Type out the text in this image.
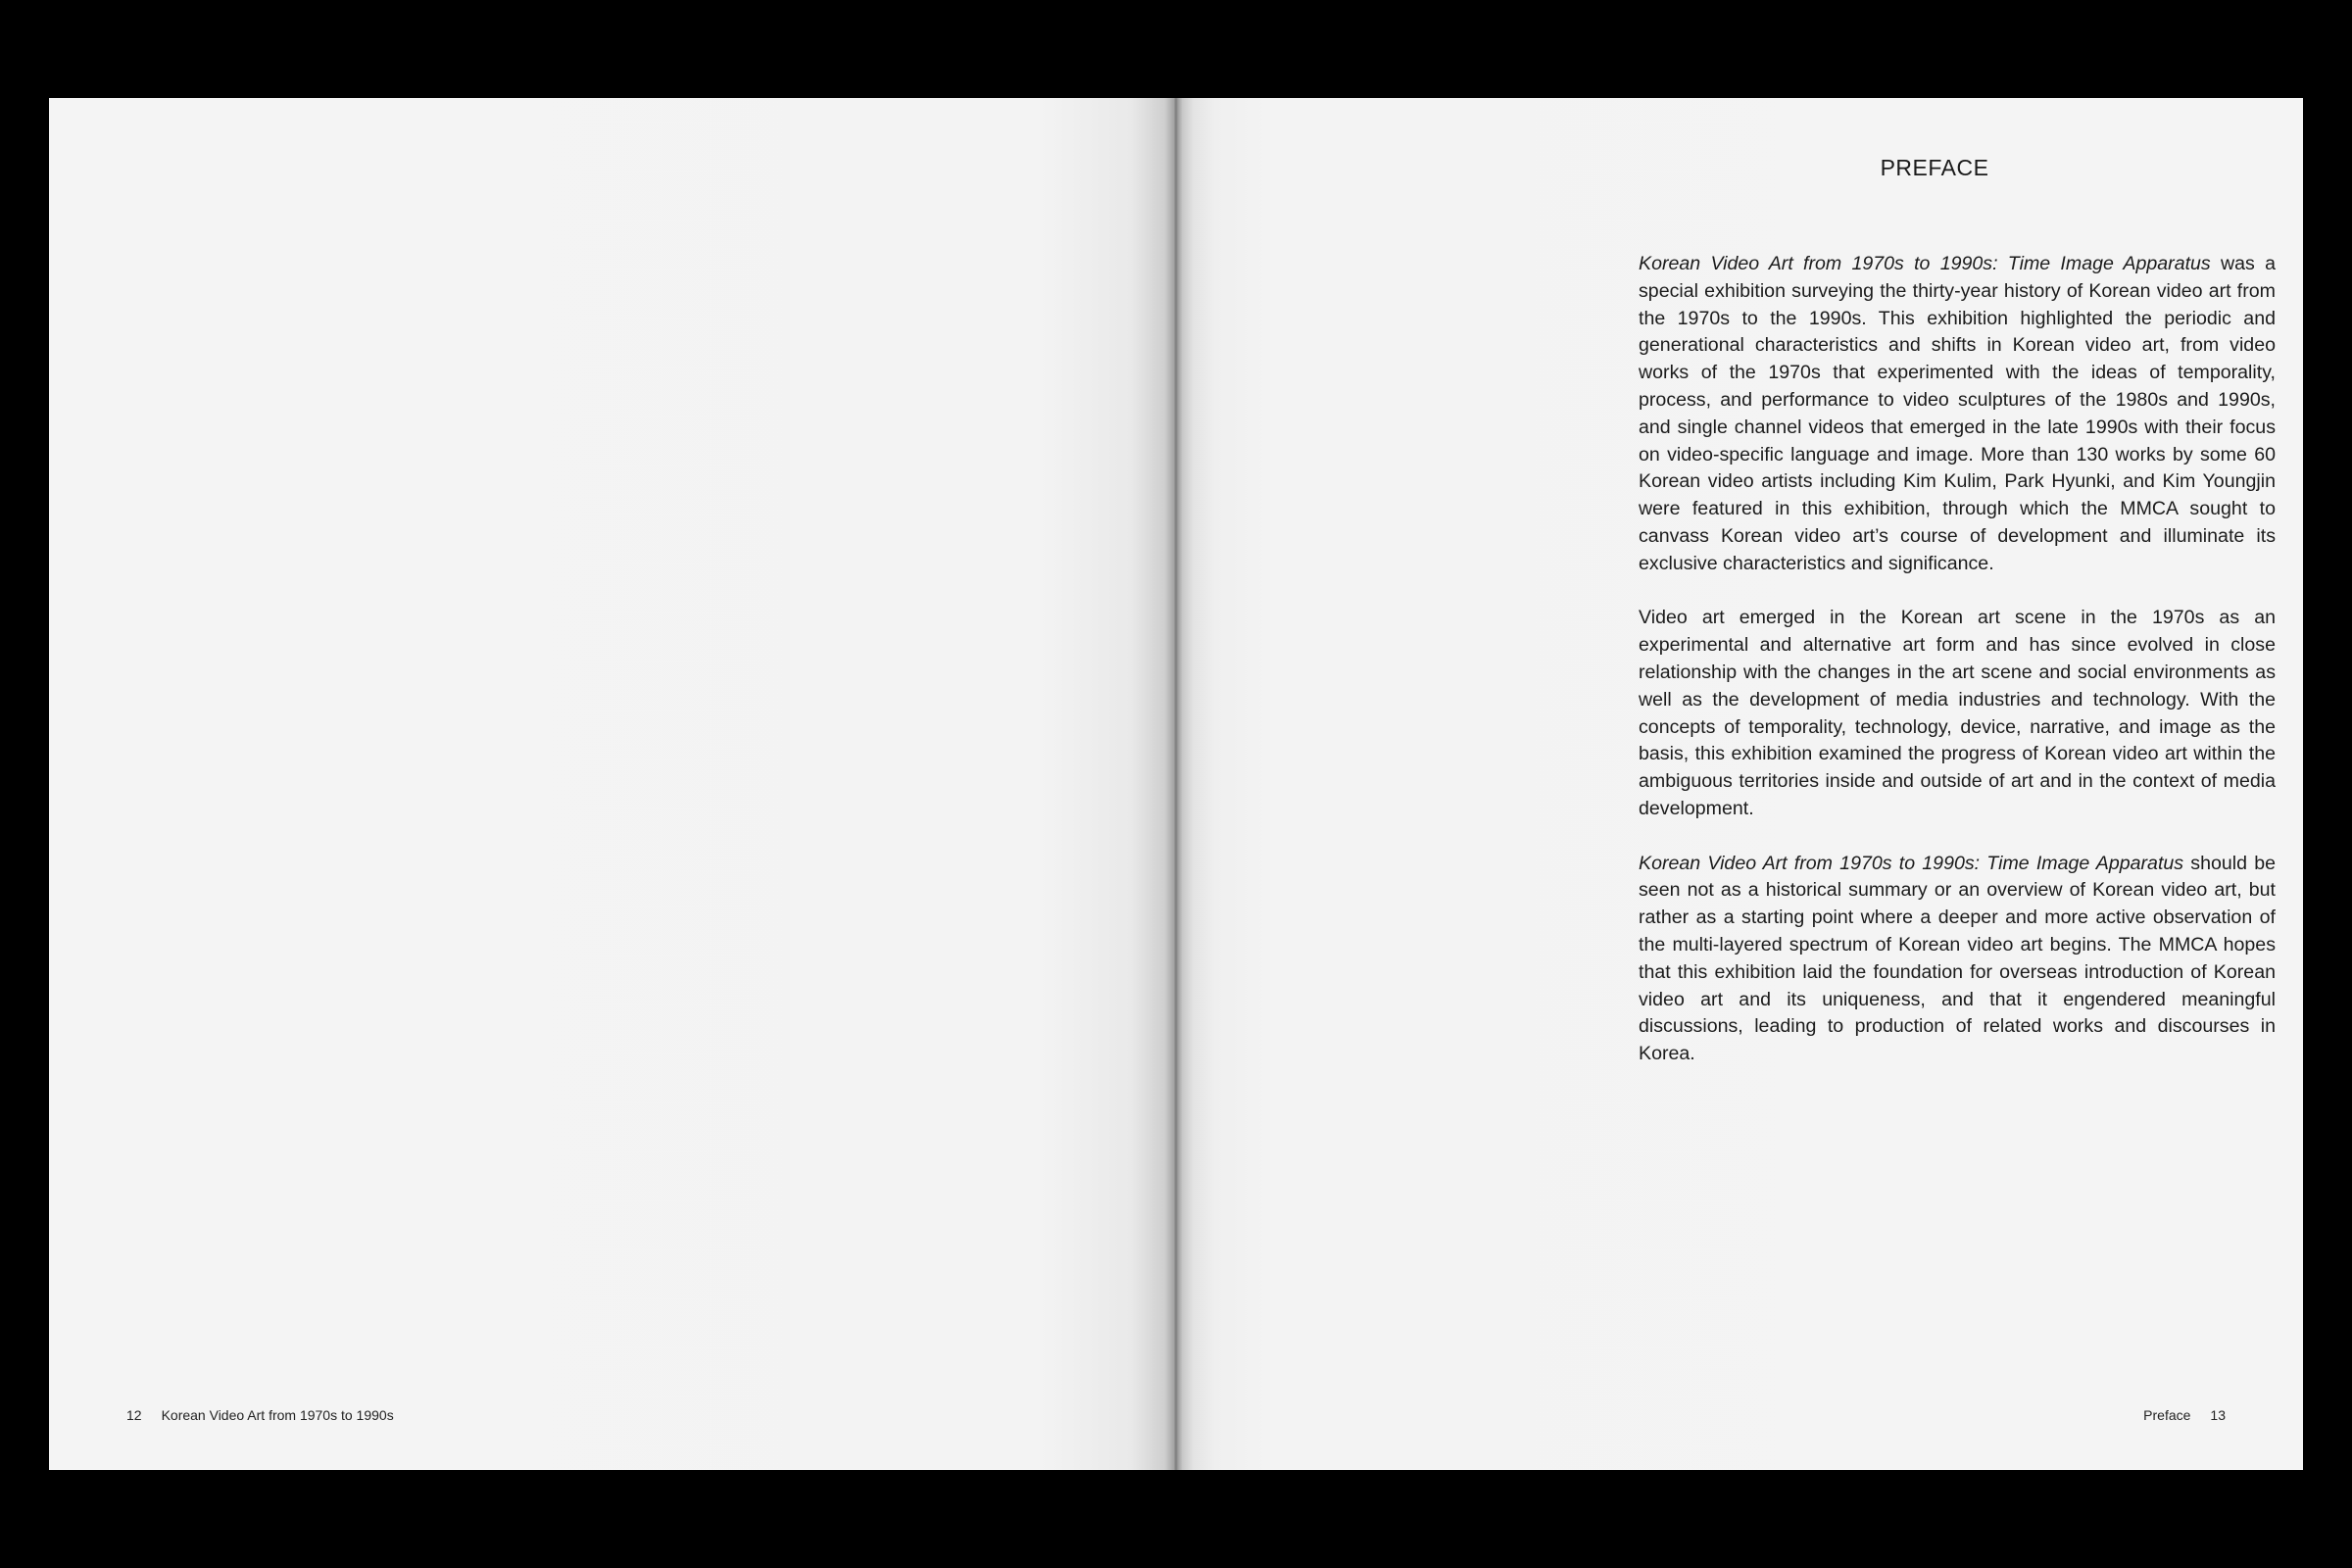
12 Korean Video Art from 1970s to 1990s
PREFACE

Korean Video Art from 1970s to 1990s: Time Image Apparatus was a special exhibition surveying the thirty-year history of Korean video art from the 1970s to the 1990s. This exhibition highlighted the periodic and generational characteristics and shifts in Korean video art, from video works of the 1970s that experimented with the ideas of temporality, process, and performance to video sculptures of the 1980s and 1990s, and single channel videos that emerged in the late 1990s with their focus on video-specific language and image. More than 130 works by some 60 Korean video artists including Kim Kulim, Park Hyunki, and Kim Youngjin were featured in this exhibition, through which the MMCA sought to canvass Korean video art’s course of development and illuminate its exclusive characteristics and significance.

Video art emerged in the Korean art scene in the 1970s as an experimental and alternative art form and has since evolved in close relationship with the changes in the art scene and social environments as well as the development of media industries and technology. With the concepts of temporality, technology, device, narrative, and image as the basis, this exhibition examined the progress of Korean video art within the ambiguous territories inside and outside of art and in the context of media development.

Korean Video Art from 1970s to 1990s: Time Image Apparatus should be seen not as a historical summary or an overview of Korean video art, but rather as a starting point where a deeper and more active observation of the multi-layered spectrum of Korean video art begins. The MMCA hopes that this exhibition laid the foundation for overseas introduction of Korean video art and its uniqueness, and that it engendered meaningful discussions, leading to production of related works and discourses in Korea.

Preface 13
